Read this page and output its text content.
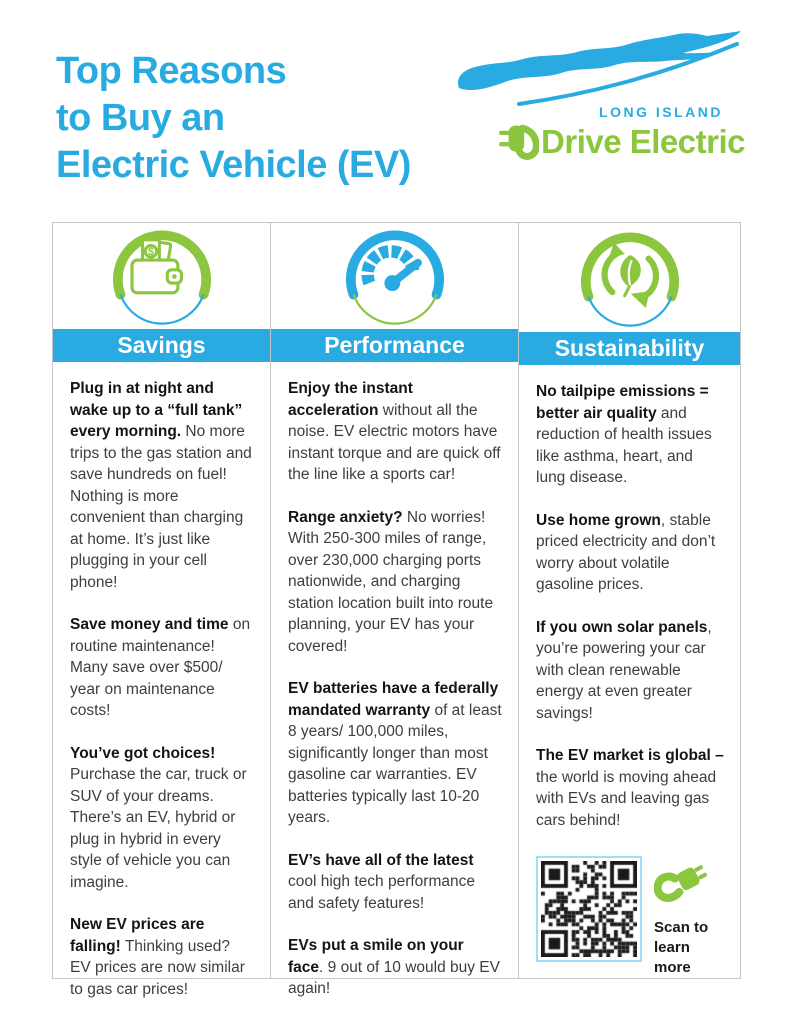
Top Reasons
to Buy an
Electric Vehicle (EV)
LONG ISLAND
Drive Electric
$
Savings

Plug in at night and wake up to a “full tank” every morning. No more trips to the gas station and save hundreds on fuel! Nothing is more convenient than charging at home. It’s just like plugging in your cell phone!

Save money and time on routine maintenance! Many save over $500/ year on maintenance costs!

You’ve got choices! Purchase the car, truck or SUV of your dreams. There’s an EV, hybrid or plug in hybrid in every style of vehicle you can imagine.

New EV prices are falling! Thinking used? EV prices are now similar to gas car prices!

Performance

Enjoy the instant acceleration without all the noise. EV electric motors have instant torque and are quick off the line like a sports car!

Range anxiety? No worries! With 250-300 miles of range, over 230,000 charging ports nationwide, and charging station location built into route planning, your EV has your covered!

EV batteries have a federally mandated warranty of at least 8 years/ 100,000 miles, significantly longer than most gasoline car warranties. EV batteries typically last 10-20 years.

EV’s have all of the latest cool high tech performance and safety features!

EVs put a smile on your face. 9 out of 10 would buy EV again!

Sustainability

No tailpipe emissions = better air quality and reduction of health issues like asthma, heart, and lung disease.

Use home grown, stable priced electricity and don’t worry about volatile gasoline prices.

If you own solar panels, you’re powering your car with clean renewable energy at even greater savings!

The EV market is global – the world is moving ahead with EVs and leaving gas cars behind!

Scan to
learn more
